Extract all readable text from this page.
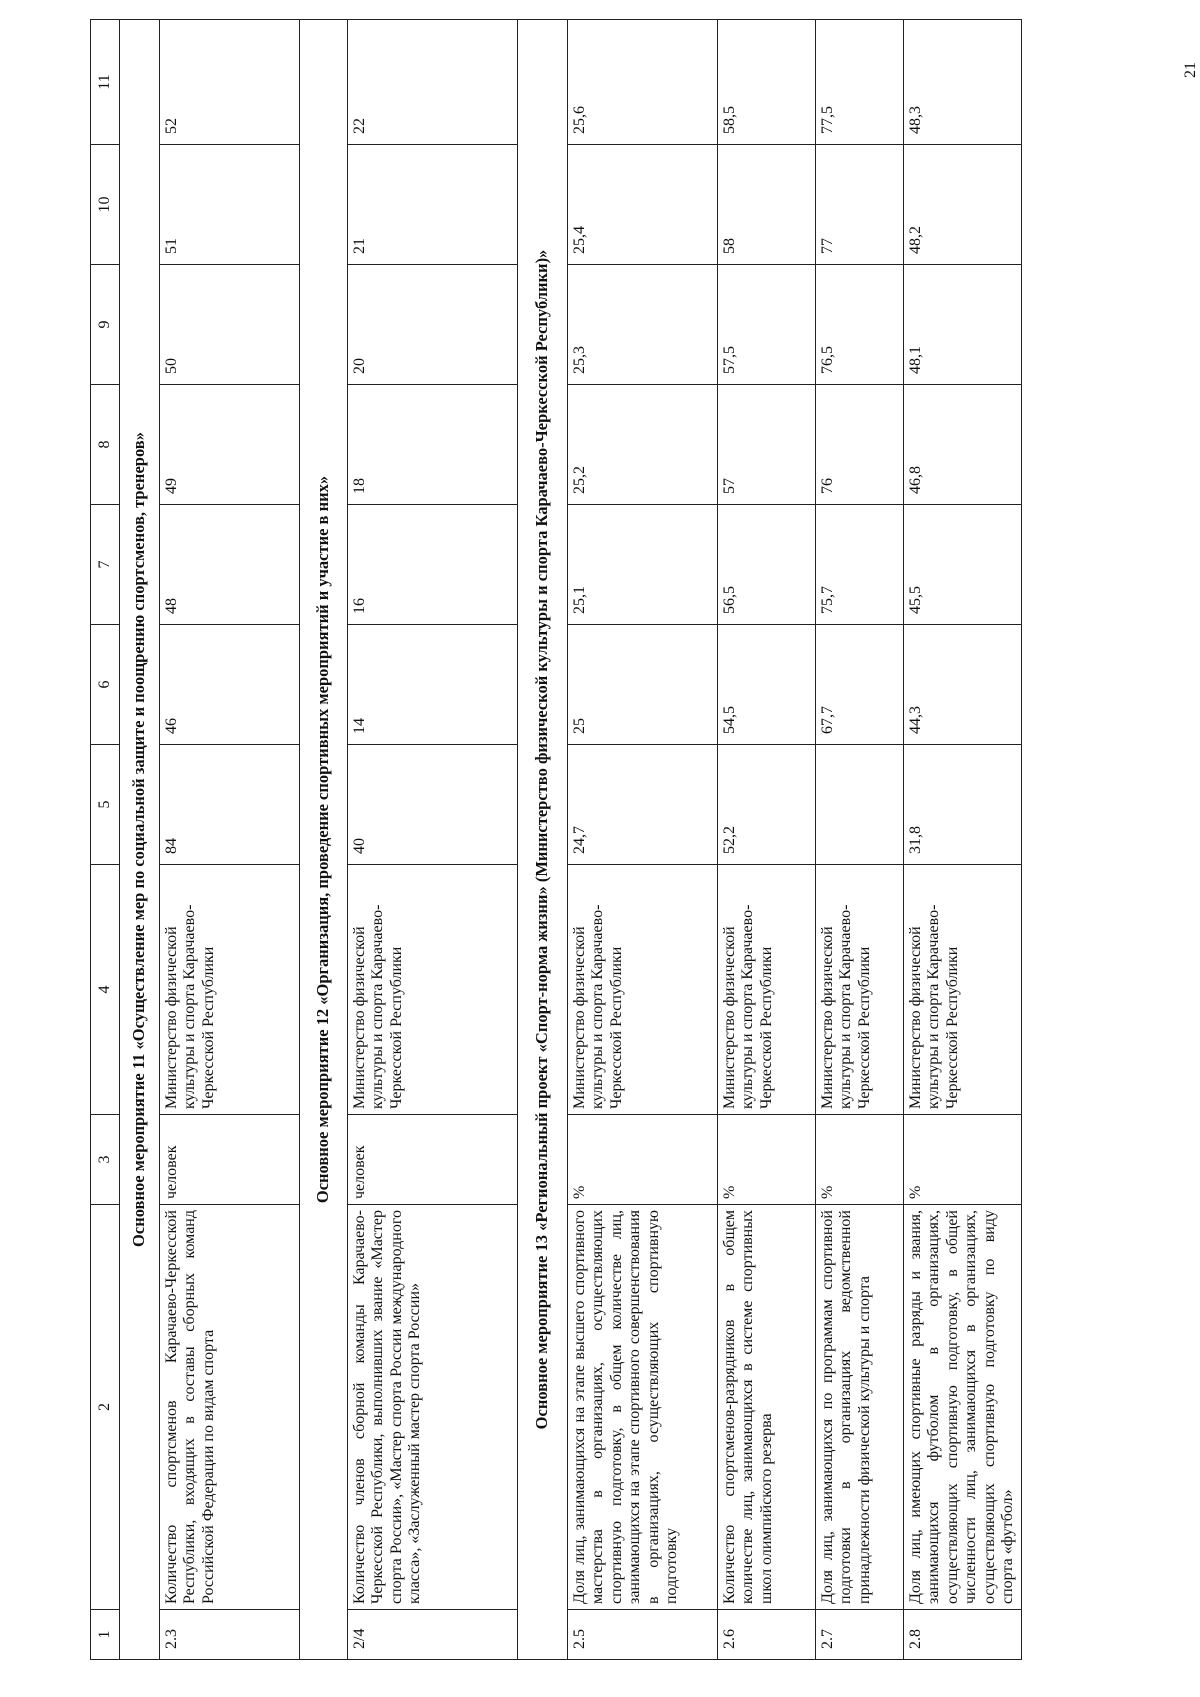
21
1	2	3	4	5	6	7	8	9	10	11
Основное мероприятие 11 «Осуществление мер по социальной защите и поощрению спортсменов, тренеров»										
2.3	Количество спортсменов Карачаево-Черкесской Республики, входящих в составы сборных команд Российской Федерации по видам спорта	человек	Министерство физической культуры и спорта Карачаево-Черкесской Республики	84	46	48	49	50	51	52
Основное мероприятие 12 «Организация, проведение спортивных мероприятий и участие в них»										
2/4	Количество членов сборной команды Карачаево-Черкесской Республики, выполнивших звание «Мастер спорта России», «Мастер спорта России международного класса», «Заслуженный мастер спорта России»	человек	Министерство физической культуры и спорта Карачаево-Черкесской Республики	40	14	16	18	20	21	22
Основное мероприятие 13 «Региональный проект «Спорт-норма жизни» (Министерство физической культуры и спорта Карачаево-Черкесской Республики)»										
2.5	Доля лиц, занимающихся на этапе высшего спортивного мастерства в организациях, осуществляющих спортивную подготовку, в общем количестве лиц, занимающихся на этапе спортивного совершенствования в организациях, осуществляющих спортивную подготовку	%	Министерство физической культуры и спорта Карачаево-Черкесской Республики	24,7	25	25,1	25,2	25,3	25,4	25,6
2.6	Количество спортсменов-разрядников в общем количестве лиц, занимающихся в системе спортивных школ олимпийского резерва	%	Министерство физической культуры и спорта Карачаево-Черкесской Республики	52,2	54,5	56,5	57	57,5	58	58,5
2.7	Доля лиц, занимающихся по программам спортивной подготовки в организациях ведомственной принадлежности физической культуры и спорта	%	Министерство физической культуры и спорта Карачаево-Черкесской Республики		67,7	75,7	76	76,5	77	77,5
2.8	Доля лиц, имеющих спортивные разряды и звания, занимающихся футболом в организациях, осуществляющих спортивную подготовку, в общей численности лиц, занимающихся в организациях, осуществляющих спортивную подготовку по виду спорта «футбол»	%	Министерство физической культуры и спорта Карачаево-Черкесской Республики	31,8	44,3	45,5	46,8	48,1	48,2	48,3
